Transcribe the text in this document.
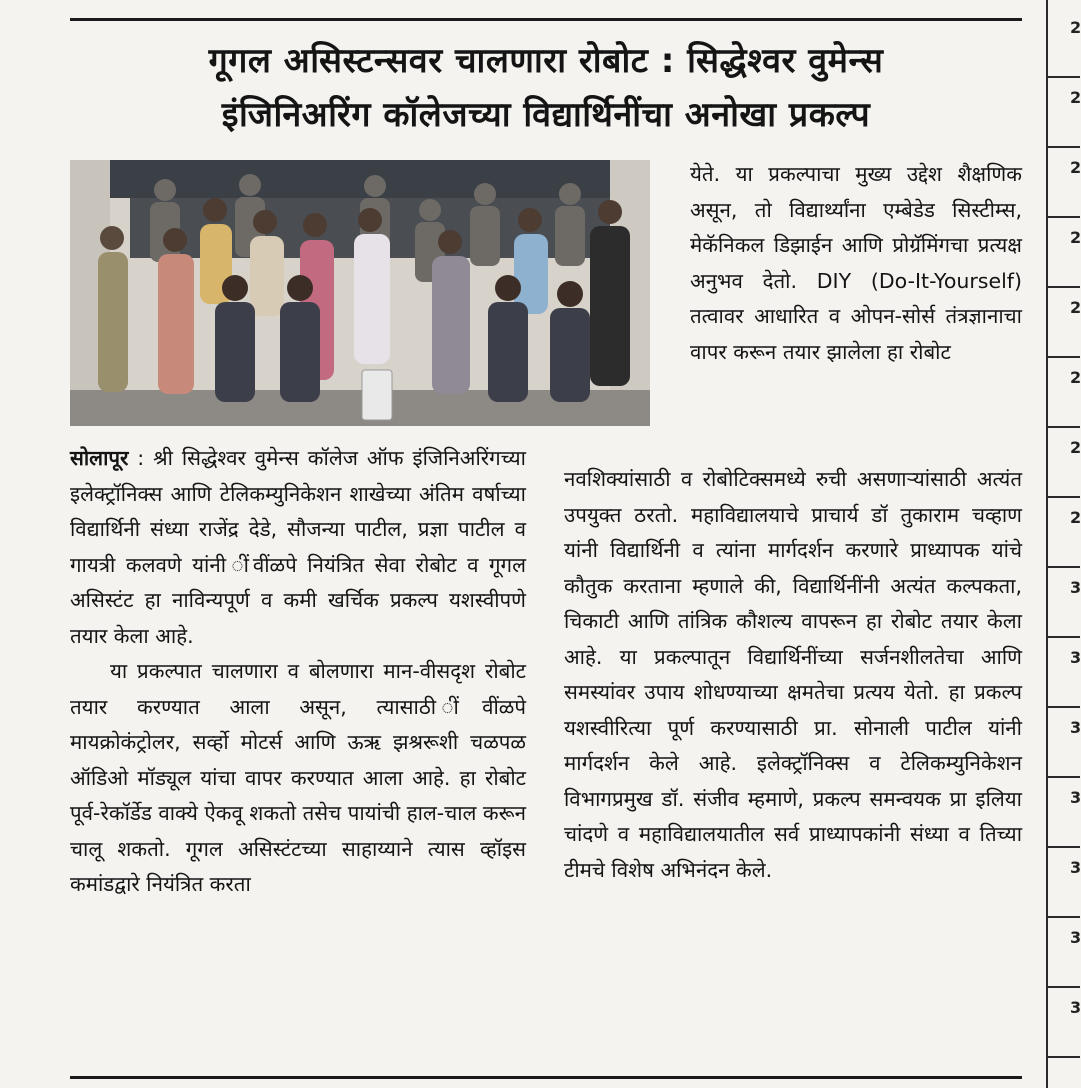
गूगल असिस्टन्सवर चालणारा रोबोट : सिद्धेश्वर वुमेन्स
इंजिनिअरिंग कॉलेजच्या विद्यार्थिनींचा अनोखा प्रकल्प

सोलापूर : श्री सिद्धेश्वर वुमेन्स कॉलेज ऑफ इंजिनिअरिंगच्या इलेक्ट्रॉनिक्स आणि टेलिकम्युनिकेशन शाखेच्या अंतिम वर्षाच्या विद्यार्थिनी संध्या राजेंद्र देडे, सौजन्या पाटील, प्रज्ञा पाटील व गायत्री कलवणे यांनी ींवींळपे नियंत्रित सेवा रोबोट व गूगल असिस्टंट हा नाविन्यपूर्ण व कमी खर्चिक प्रकल्प यशस्वीपणे तयार केला आहे.

या प्रकल्पात चालणारा व बोलणारा मान-वीसदृश रोबोट तयार करण्यात आला असून, त्यासाठी ींवींळपे मायक्रोकंट्रोलर, सर्व्हो मोटर्स आणि ऊऋ झश्ररूशी चळपळ ऑडिओ मॉड्यूल यांचा वापर करण्यात आला आहे. हा रोबोट पूर्व-रेकॉर्डेड वाक्ये ऐकवू शकतो तसेच पायांची हाल-चाल करून चालू शकतो. गूगल असिस्टंटच्या साहाय्याने त्यास व्हॉइस कमांडद्वारे नियंत्रित करता

येते. या प्रकल्पाचा मुख्य उद्देश शैक्षणिक असून, तो विद्यार्थ्यांना एम्बेडेड सिस्टीम्स, मेकॅनिकल डिझाईन आणि प्रोग्रॅमिंगचा प्रत्यक्ष अनुभव देतो. DIY (Do-It-Yourself) तत्वावर आधारित व ओपन-सोर्स तंत्रज्ञानाचा वापर करून तयार झालेला हा रोबोट

नवशिक्यांसाठी व रोबोटिक्समध्ये रुची असणाऱ्यांसाठी अत्यंत उपयुक्त ठरतो. महाविद्यालयाचे प्राचार्य डॉ तुकाराम चव्हाण यांनी विद्यार्थिनी व त्यांना मार्गदर्शन करणारे प्राध्यापक यांचे कौतुक करताना म्हणाले की, विद्यार्थिनींनी अत्यंत कल्पकता, चिकाटी आणि तांत्रिक कौशल्य वापरून हा रोबोट तयार केला आहे. या प्रकल्पातून विद्यार्थिनींच्या सर्जनशीलतेचा आणि समस्यांवर उपाय शोधण्याच्या क्षमतेचा प्रत्यय येतो. हा प्रकल्प यशस्वीरित्या पूर्ण करण्यासाठी प्रा. सोनाली पाटील यांनी मार्गदर्शन केले आहे. इलेक्ट्रॉनिक्स व टेलिकम्युनिकेशन विभागप्रमुख डॉ. संजीव म्हमाणे, प्रकल्प समन्वयक प्रा इलिया चांदणे व महाविद्यालयातील सर्व प्राध्यापकांनी संध्या व तिच्या टीमचे विशेष अभिनंदन केले.

2
2
2
2
2
2
2
2
3
3
3
3
3
3
3
